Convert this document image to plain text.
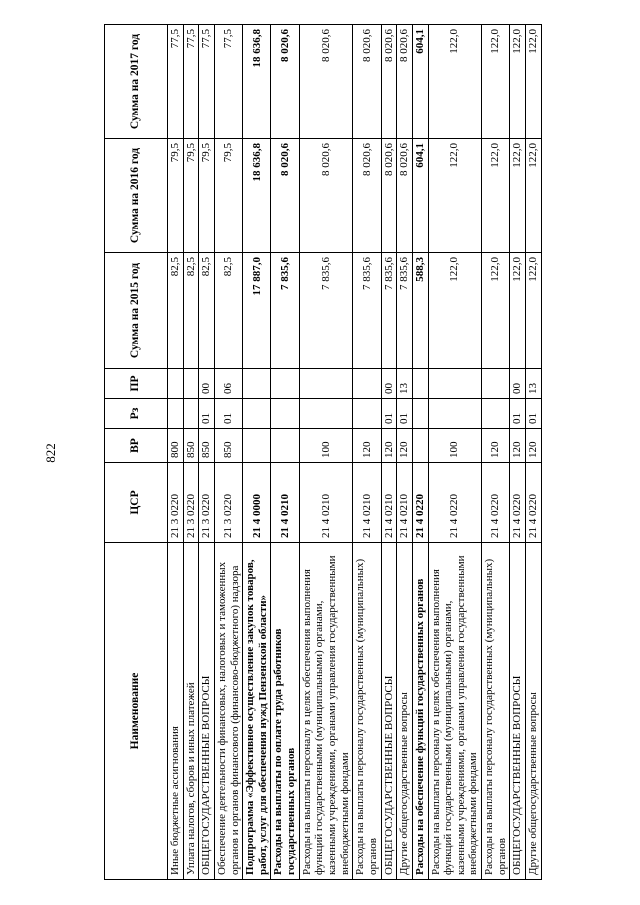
822
Наименование	ЦСР	ВР	Рз	ПР	Сумма на 2015 год	Сумма на 2016 год	Сумма на 2017 год
Иные бюджетные ассигнования	21 3 0220	800			82,5	79,5	77,5
Уплата налогов, сборов и иных платежей	21 3 0220	850			82,5	79,5	77,5
ОБЩЕГОСУДАРСТВЕННЫЕ ВОПРОСЫ	21 3 0220	850	01	00	82,5	79,5	77,5
Обеспечение деятельности финансовых, налоговых и таможенных органов и органов финансового (финансово-бюджетного) надзора	21 3 0220	850	01	06	82,5	79,5	77,5
Подпрограмма «Эффективное осуществление закупок товаров, работ, услуг для обеспечения нужд Пензенской области»	21 4 0000				17 887,0	18 636,8	18 636,8
Расходы на выплаты по оплате труда работников государственных органов	21 4 0210				7 835,6	8 020,6	8 020,6
Расходы на выплаты персоналу в целях обеспечения выполнения функций государственными (муниципальными) органами, казенными учреждениями, органами управления государственными внебюджетными фондами	21 4 0210	100			7 835,6	8 020,6	8 020,6
Расходы на выплаты персоналу государственных (муниципальных) органов	21 4 0210	120			7 835,6	8 020,6	8 020,6
ОБЩЕГОСУДАРСТВЕННЫЕ ВОПРОСЫ	21 4 0210	120	01	00	7 835,6	8 020,6	8 020,6
Другие общегосударственные вопросы	21 4 0210	120	01	13	7 835,6	8 020,6	8 020,6
Расходы на обеспечение функций государственных органов	21 4 0220				588,3	604,1	604,1
Расходы на выплаты персоналу в целях обеспечения выполнения функций государственными (муниципальными) органами, казенными учреждениями, органами управления государственными внебюджетными фондами	21 4 0220	100			122,0	122,0	122,0
Расходы на выплаты персоналу государственных (муниципальных) органов	21 4 0220	120			122,0	122,0	122,0
ОБЩЕГОСУДАРСТВЕННЫЕ ВОПРОСЫ	21 4 0220	120	01	00	122,0	122,0	122,0
Другие общегосударственные вопросы	21 4 0220	120	01	13	122,0	122,0	122,0
